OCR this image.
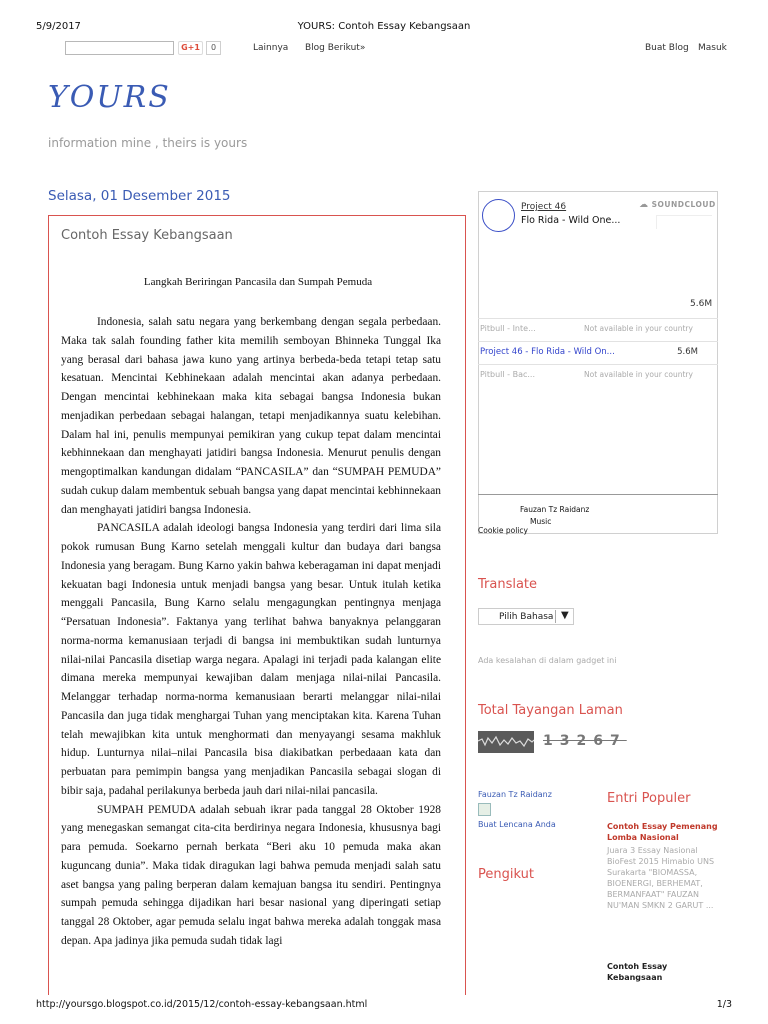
5/9/2017	YOURS: Contoh Essay Kebangsaan
G+1	0	Lainnya Blog Berikut»	Buat Blog Masuk
YOURS
information mine , theirs is yours
Selasa, 01 Desember 2015
Contoh Essay Kebangsaan
Langkah Beriringan Pancasila dan Sumpah Pemuda

Indonesia, salah satu negara yang berkembang dengan segala perbedaan. Maka tak salah founding father kita memilih semboyan Bhinneka Tunggal Ika yang berasal dari bahasa jawa kuno yang artinya berbeda-beda tetapi tetap satu kesatuan. Mencintai Kebhinekaan adalah mencintai akan adanya perbedaan. Dengan mencintai kebhinekaan maka kita sebagai bangsa Indonesia bukan menjadikan perbedaan sebagai halangan, tetapi menjadikannya suatu kelebihan. Dalam hal ini, penulis mempunyai pemikiran yang cukup tepat dalam mencintai kebhinnekaan dan menghayati jatidiri bangsa Indonesia. Menurut penulis dengan mengoptimalkan kandungan didalam “PANCASILA” dan “SUMPAH PEMUDA” sudah cukup dalam membentuk sebuah bangsa yang dapat mencintai kebhinnekaan dan menghayati jatidiri bangsa Indonesia.

PANCASILA adalah ideologi bangsa Indonesia yang terdiri dari lima sila pokok rumusan Bung Karno setelah menggali kultur dan budaya dari bangsa Indonesia yang beragam. Bung Karno yakin bahwa keberagaman ini dapat menjadi kekuatan bagi Indonesia untuk menjadi bangsa yang besar. Untuk itulah ketika menggali Pancasila, Bung Karno selalu mengagungkan pentingnya menjaga “Persatuan Indonesia”. Faktanya yang terlihat bahwa banyaknya pelanggaran norma-norma kemanusiaan terjadi di bangsa ini membuktikan sudah lunturnya nilai-nilai Pancasila disetiap warga negara. Apalagi ini terjadi pada kalangan elite dimana mereka mempunyai kewajiban dalam menjaga nilai-nilai Pancasila. Melanggar terhadap norma-norma kemanusiaan berarti melanggar nilai-nilai Pancasila dan juga tidak menghargai Tuhan yang menciptakan kita. Karena Tuhan telah mewajibkan kita untuk menghormati dan menyayangi sesama makhluk hidup. Lunturnya nilai–nilai Pancasila bisa diakibatkan perbedaaan kata dan perbuatan para pemimpin bangsa yang menjadikan Pancasila sebagai slogan di bibir saja, padahal perilakunya berbeda jauh dari nilai-nilai pancasila.

SUMPAH PEMUDA adalah sebuah ikrar pada tanggal 28 Oktober 1928 yang menegaskan semangat cita-cita berdirinya negara Indonesia, khususnya bagi para pemuda. Soekarno pernah berkata “Beri aku 10 pemuda maka akan kuguncang dunia”. Maka tidak diragukan lagi bahwa pemuda menjadi salah satu aset bangsa yang paling berperan dalam kemajuan bangsa itu sendiri. Pentingnya sumpah pemuda sehingga dijadikan hari besar nasional yang diperingati setiap tanggal 28 Oktober, agar pemuda selalu ingat bahwa mereka adalah tonggak masa depan. Apa jadinya jika pemuda sudah tidak lagi

Project 46
Flo Rida - Wild One...
☁ SOUNDCLOUD
5.6M
Pitbull - Inte...	Not available in your country
Project 46 - Flo Rida - Wild On...	5.6M
Pitbull - Bac...	Not available in your country
Fauzan Tz Raidanz
Music
Cookie policy
Translate
Pilih Bahasa ▼
Ada kesalahan di dalam gadget ini
Total Tayangan Laman
13267
Fauzan Tz Raidanz
Buat Lencana Anda
Pengikut
Entri Populer
Contoh Essay Pemenang Lomba Nasional
Juara 3 Essay Nasional BioFest 2015 Himabio UNS Surakarta "BIOMASSA, BIOENERGI, BERHEMAT, BERMANFAAT" FAUZAN NU'MAN SMKN 2 GARUT ...
Contoh Essay Kebangsaan
http://yoursgo.blogspot.co.id/2015/12/contoh-essay-kebangsaan.html	1/3
